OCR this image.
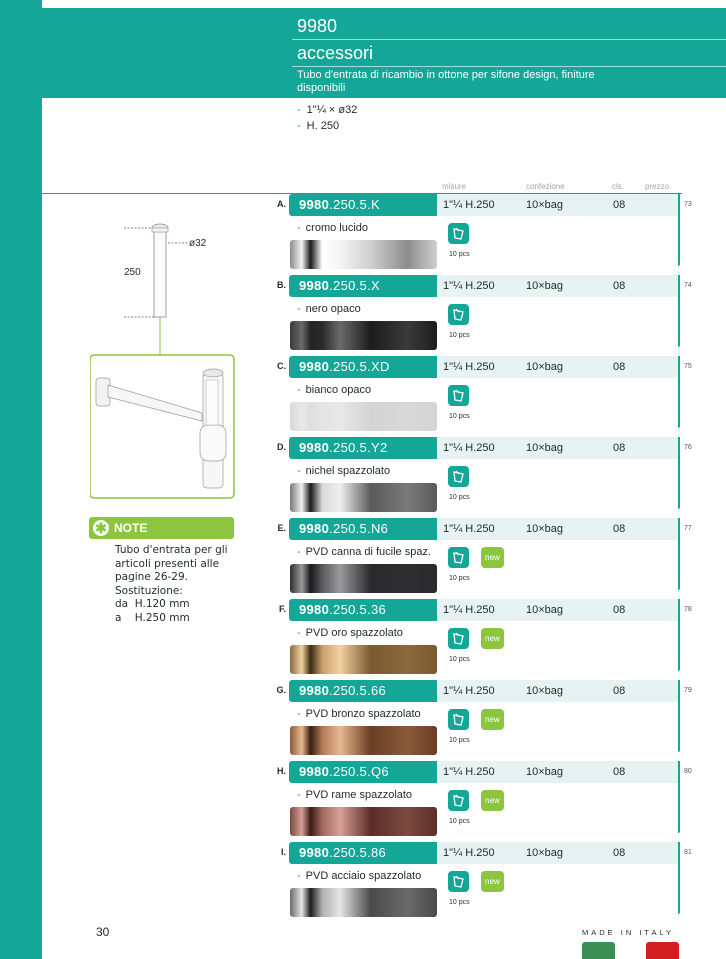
9980
accessori
Tubo d'entrata di ricambio in ottone per sifone design, finiture disponibili
- 1"¼ × ø32
- H. 250
misure	confezione	cls.	prezzo
ø32
250
✱ NOTE
Tubo d'entrata per gli
articoli presenti alle
pagine 26-29.
Sostituzione:
da  H.120 mm
a    H.250 mm
A. 9980.250.5.K	1"¼ H.250	10×bag	08	73
- cromo lucido
10 pcs
B. 9980.250.5.X	1"¼ H.250	10×bag	08	74
- nero opaco
10 pcs
C. 9980.250.5.XD	1"¼ H.250	10×bag	08	75
- bianco opaco
10 pcs
D. 9980.250.5.Y2	1"¼ H.250	10×bag	08	76
- nichel spazzolato
10 pcs
E. 9980.250.5.N6	1"¼ H.250	10×bag	08	77
- PVD canna di fucile spaz.
10 pcs
new
F. 9980.250.5.36	1"¼ H.250	10×bag	08	78
- PVD oro spazzolato
10 pcs
new
G. 9980.250.5.66	1"¼ H.250	10×bag	08	79
- PVD bronzo spazzolato
10 pcs
new
H. 9980.250.5.Q6	1"¼ H.250	10×bag	08	80
- PVD rame spazzolato
10 pcs
new
I. 9980.250.5.86	1"¼ H.250	10×bag	08	81
- PVD acciaio spazzolato
10 pcs
new
30	MADE IN ITALY
